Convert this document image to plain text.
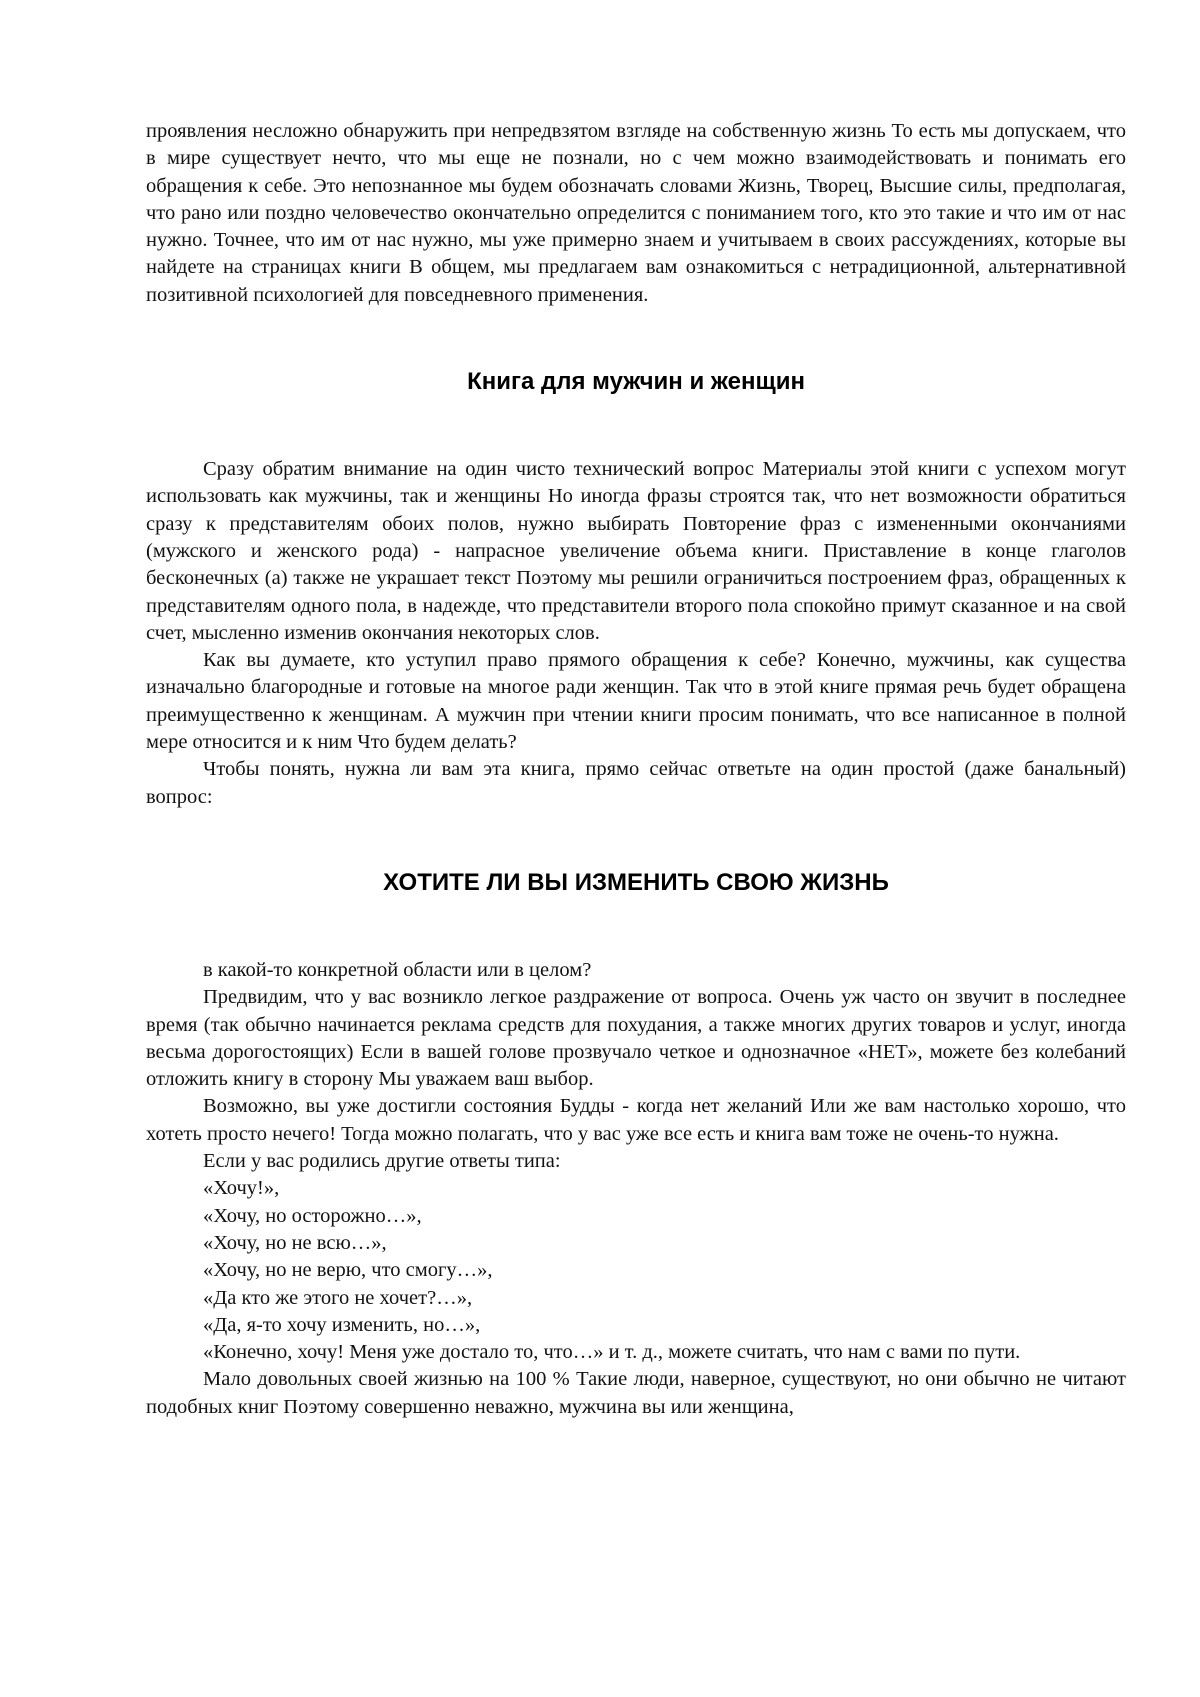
проявления несложно обнаружить при непредвзятом взгляде на собственную жизнь То есть мы допускаем, что в мире существует нечто, что мы еще не познали, но с чем можно взаимодействовать и понимать его обращения к себе. Это непознанное мы будем обозначать словами Жизнь, Творец, Высшие силы, предполагая, что рано или поздно человечество окончательно определится с пониманием того, кто это такие и что им от нас нужно. Точнее, что им от нас нужно, мы уже примерно знаем и учитываем в своих рассуждениях, которые вы найдете на страницах книги В общем, мы предлагаем вам ознакомиться с нетрадиционной, альтернативной позитивной психологией для повседневного применения.

Книга для мужчин и женщин

Сразу обратим внимание на один чисто технический вопрос Материалы этой книги с успехом могут использовать как мужчины, так и женщины Но иногда фразы строятся так, что нет возможности обратиться сразу к представителям обоих полов, нужно выбирать Повторение фраз с измененными окончаниями (мужского и женского рода) - напрасное увеличение объема книги. Приставление в конце глаголов бесконечных (а) также не украшает текст Поэтому мы решили ограничиться построением фраз, обращенных к представителям одного пола, в надежде, что представители второго пола спокойно примут сказанное и на свой счет, мысленно изменив окончания некоторых слов.

Как вы думаете, кто уступил право прямого обращения к себе? Конечно, мужчины, как существа изначально благородные и готовые на многое ради женщин. Так что в этой книге прямая речь будет обращена преимущественно к женщинам. А мужчин при чтении книги просим понимать, что все написанное в полной мере относится и к ним Что будем делать?

Чтобы понять, нужна ли вам эта книга, прямо сейчас ответьте на один простой (даже банальный) вопрос:

ХОТИТЕ ЛИ ВЫ ИЗМЕНИТЬ СВОЮ ЖИЗНЬ

в какой-то конкретной области или в целом?

Предвидим, что у вас возникло легкое раздражение от вопроса. Очень уж часто он звучит в последнее время (так обычно начинается реклама средств для похудания, а также многих других товаров и услуг, иногда весьма дорогостоящих) Если в вашей голове прозвучало четкое и однозначное «НЕТ», можете без колебаний отложить книгу в сторону Мы уважаем ваш выбор.

Возможно, вы уже достигли состояния Будды - когда нет желаний Или же вам настолько хорошо, что хотеть просто нечего! Тогда можно полагать, что у вас уже все есть и книга вам тоже не очень-то нужна.

Если у вас родились другие ответы типа:

«Хочу!»,

«Хочу, но осторожно…»,

«Хочу, но не всю…»,

«Хочу, но не верю, что смогу…»,

«Да кто же этого не хочет?…»,

«Да, я-то хочу изменить, но…»,

«Конечно, хочу! Меня уже достало то, что…» и т. д., можете считать, что нам с вами по пути.

Мало довольных своей жизнью на 100 % Такие люди, наверное, существуют, но они обычно не читают подобных книг Поэтому совершенно неважно, мужчина вы или женщина,
